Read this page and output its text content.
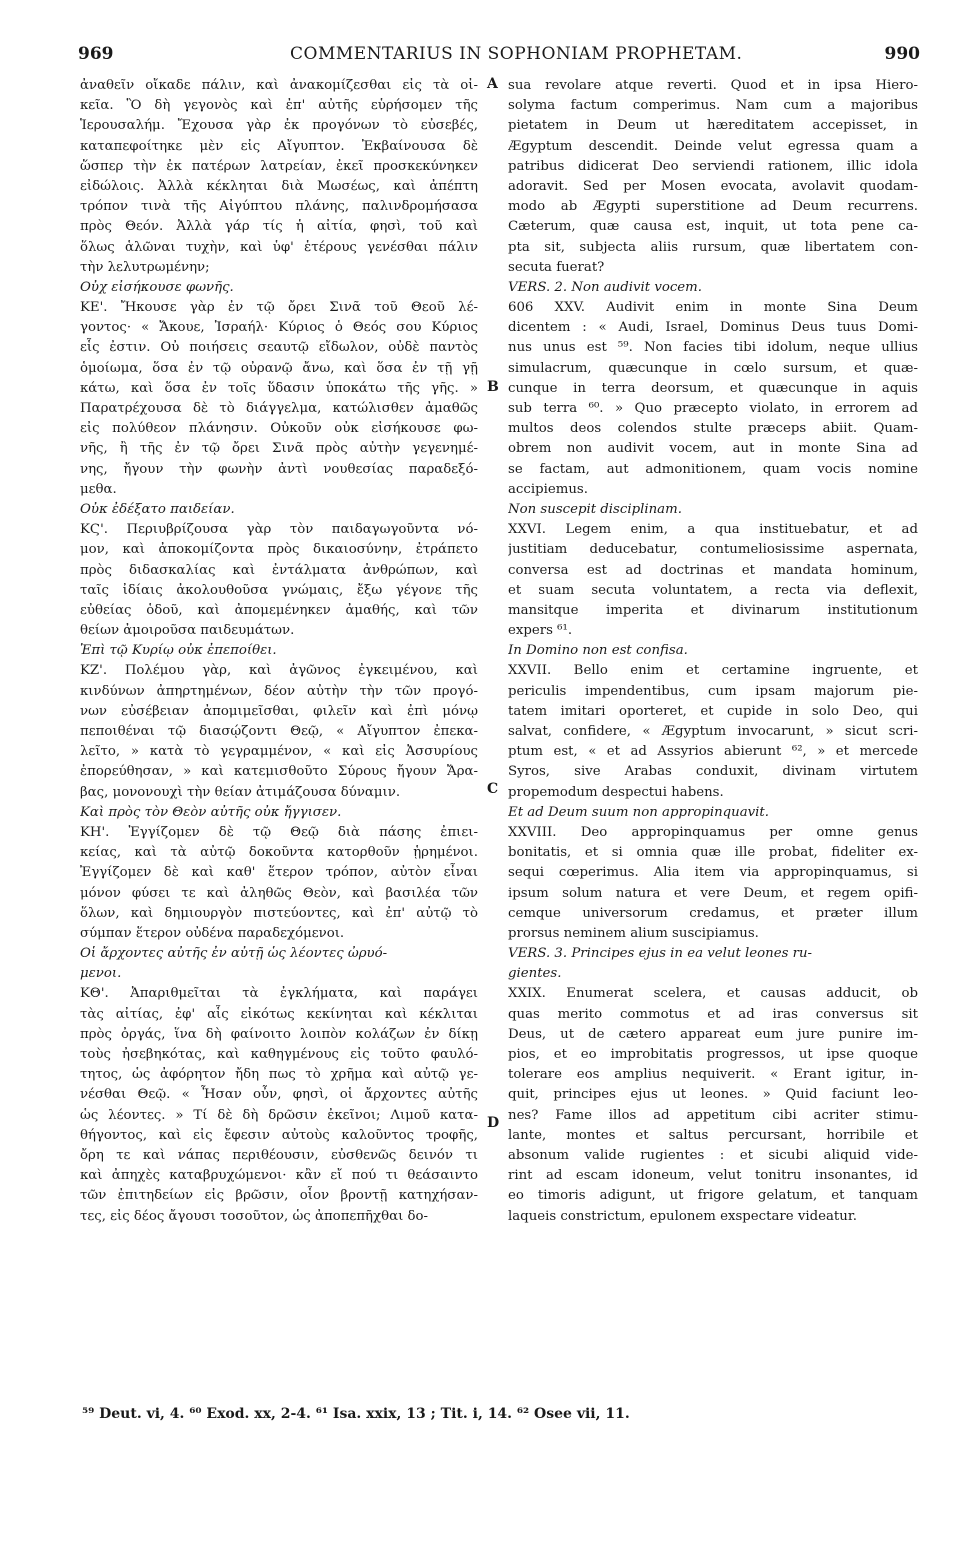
969	COMMENTARIUS IN SOPHONIAM PROPHETAM.	990
ἀναθεῖν οἴκαδε πάλιν, καὶ ἀνακομίζεσθαι εἰς τὰ οἰ-
κεῖα. Ὃ δὴ γεγονὸς καὶ ἐπ' αὐτῆς εὑρήσομεν τῆς
Ἱερουσαλήμ. Ἔχουσα γὰρ ἐκ προγόνων τὸ εὐσεβές,
καταπεφοίτηκε μὲν εἰς Αἴγυπτον. Ἐκβαίνουσα δὲ
ὥσπερ τὴν ἐκ πατέρων λατρείαν, ἐκεῖ προσκεκύνηκεν
εἰδώλοις. Ἀλλὰ κέκληται διὰ Μωσέως, καὶ ἀπέπτη
τρόπον τινὰ τῆς Αἰγύπτου πλάνης, παλινδρομήσασα
πρὸς Θεόν. Ἀλλὰ γάρ τίς ἡ αἰτία, φησὶ, τοῦ καὶ
ὅλως ἁλῶναι τυχὴν, καὶ ὑφ' ἑτέρους γενέσθαι πάλιν
τὴν λελυτρωμένην;
Οὐχ εἰσήκουσε φωνῆς.
ΚΕ'. Ἤκουσε γὰρ ἐν τῷ ὄρει Σινᾶ τοῦ Θεοῦ λέ-
γοντος· « Ἄκουε, Ἰσραήλ· Κύριος ὁ Θεός σου Κύριος
εἷς ἐστιν. Οὐ ποιήσεις σεαυτῷ εἴδωλον, οὐδὲ παντὸς
ὁμοίωμα, ὅσα ἐν τῷ οὐρανῷ ἄνω, καὶ ὅσα ἐν τῇ γῇ
κάτω, καὶ ὅσα ἐν τοῖς ὕδασιν ὑποκάτω τῆς γῆς. »
Παρατρέχουσα δὲ τὸ διάγγελμα, κατώλισθεν ἀμαθῶς
εἰς πολύθεον πλάνησιν. Οὐκοῦν οὐκ εἰσήκουσε φω-
νῆς, ἢ τῆς ἐν τῷ ὄρει Σινᾶ πρὸς αὐτὴν γεγενημέ-
νης, ἤγουν τὴν φωνὴν ἀντὶ νουθεσίας παραδεξό-
μεθα.
Οὐκ ἐδέξατο παιδείαν.
ΚϚ'. Περιυβρίζουσα γὰρ τὸν παιδαγωγοῦντα νό-
μον, καὶ ἀποκομίζοντα πρὸς δικαιοσύνην, ἐτράπετο
πρὸς διδασκαλίας καὶ ἐντάλματα ἀνθρώπων, καὶ
ταῖς ἰδίαις ἀκολουθοῦσα γνώμαις, ἔξω γέγονε τῆς
εὐθείας ὁδοῦ, καὶ ἀπομεμένηκεν ἀμαθής, καὶ τῶν
θείων ἀμοιροῦσα παιδευμάτων.
Ἐπὶ τῷ Κυρίῳ οὐκ ἐπεποίθει.
ΚΖ'. Πολέμου γὰρ, καὶ ἀγῶνος ἐγκειμένου, καὶ
κινδύνων ἀπηρτημένων, δέον αὐτὴν τὴν τῶν προγό-
νων εὐσέβειαν ἀπομιμεῖσθαι, φιλεῖν καὶ ἐπὶ μόνῳ
πεποιθέναι τῷ διασῴζοντι Θεῷ, « Αἴγυπτον ἐπεκα-
λεῖτο, » κατὰ τὸ γεγραμμένον, « καὶ εἰς Ἀσσυρίους
ἐπορεύθησαν, » καὶ κατεμισθοῦτο Σύρους ἤγουν Ἄρα-
βας, μονονουχὶ τὴν θείαν ἀτιμάζουσα δύναμιν.
Καὶ πρὸς τὸν Θεὸν αὐτῆς οὐκ ἤγγισεν.
ΚΗ'. Ἐγγίζομεν δὲ τῷ Θεῷ διὰ πάσης ἐπιει-
κείας, καὶ τὰ αὐτῷ δοκοῦντα κατορθοῦν ᾑρημένοι.
Ἐγγίζομεν δὲ καὶ καθ' ἕτερον τρόπον, αὐτὸν εἶναι
μόνον φύσει τε καὶ ἀληθῶς Θεὸν, καὶ βασιλέα τῶν
ὅλων, καὶ δημιουργὸν πιστεύοντες, καὶ ἐπ' αὐτῷ τὸ
σύμπαν ἕτερον οὐδένα παραδεχόμενοι.
Οἱ ἄρχοντες αὐτῆς ἐν αὐτῇ ὡς λέοντες ὠρυό-
μενοι.
ΚΘ'. Ἀπαριθμεῖται τὰ ἐγκλήματα, καὶ παράγει
τὰς αἰτίας, ἐφ' αἷς εἰκότως κεκίνηται καὶ κέκλιται
πρὸς ὀργάς, ἵνα δὴ φαίνοιτο λοιπὸν κολάζων ἐν δίκῃ
τοὺς ἠσεβηκότας, καὶ καθηγμένους εἰς τοῦτο φαυλό-
τητος, ὡς ἀφόρητον ἤδη πως τὸ χρῆμα καὶ αὐτῷ γε-
νέσθαι Θεῷ. « Ἦσαν οὖν, φησὶ, οἱ ἄρχοντες αὐτῆς
ὡς λέοντες. » Τί δὲ δὴ δρῶσιν ἐκεῖνοι; Λιμοῦ κατα-
θήγοντος, καὶ εἰς ἔφεσιν αὐτοὺς καλοῦντος τροφῆς,
ὄρη τε καὶ νάπας περιθέουσιν, εὐσθενῶς δεινόν τι
καὶ ἀπηχὲς καταβρυχώμενοι· κἂν εἴ πού τι θεάσαιντο
τῶν ἐπιτηδείων εἰς βρῶσιν, οἷον βροντῇ κατηχήσαν-
τες, εἰς δέος ἄγουσι τοσοῦτον, ὡς ἀποπεπῆχθαι δο-
sua revolare atque reverti. Quod et in ipsa Hiero-
solyma factum comperimus. Nam cum a majoribus
pietatem in Deum ut hæreditatem accepisset, in
Ægyptum descendit. Deinde velut egressa quam a
patribus didicerat Deo serviendi rationem, illic idola
adoravit. Sed per Mosen evocata, avolavit quodam-
modo ab Ægypti superstitione ad Deum recurrens.
Cæterum, quæ causa est, inquit, ut tota pene ca-
pta sit, subjecta aliis rursum, quæ libertatem con-
secuta fuerat?
VERS. 2. Non audivit vocem.
606 XXV. Audivit enim in monte Sina Deum
dicentem : « Audi, Israel, Dominus Deus tuus Domi-
nus unus est ⁵⁹. Non facies tibi idolum, neque ullius
simulacrum, quæcunque in cœlo sursum, et quæ-
cunque in terra deorsum, et quæcunque in aquis
sub terra ⁶⁰. » Quo præcepto violato, in errorem ad
multos deos colendos stulte præceps abiit. Quam-
obrem non audivit vocem, aut in monte Sina ad
se factam, aut admonitionem, quam vocis nomine
accipiemus.
Non suscepit disciplinam.
XXVI. Legem enim, a qua instituebatur, et ad
justitiam deducebatur, contumeliosissime aspernata,
conversa est ad doctrinas et mandata hominum,
et suam secuta voluntatem, a recta via deflexit,
mansitque imperita et divinarum institutionum
expers ⁶¹.
In Domino non est confisa.
XXVII. Bello enim et certamine ingruente, et
periculis impendentibus, cum ipsam majorum pie-
tatem imitari oporteret, et cupide in solo Deo, qui
salvat, confidere, « Ægyptum invocarunt, » sicut scri-
ptum est, « et ad Assyrios abierunt ⁶², » et mercede
Syros, sive Arabas conduxit, divinam virtutem
propemodum despectui habens.
Et ad Deum suum non appropinquavit.
XXVIII. Deo appropinquamus per omne genus
bonitatis, et si omnia quæ ille probat, fideliter ex-
sequi cœperimus. Alia item via appropinquamus, si
ipsum solum natura et vere Deum, et regem opifi-
cemque universorum credamus, et præter illum
prorsus neminem alium suscipiamus.
VERS. 3. Principes ejus in ea velut leones ru-
gientes.
XXIX. Enumerat scelera, et causas adducit, ob
quas merito commotus et ad iras conversus sit
Deus, ut de cætero appareat eum jure punire im-
pios, et eo improbitatis progressos, ut ipse quoque
tolerare eos amplius nequiverit. « Erant igitur, in-
quit, principes ejus ut leones. » Quid faciunt leo-
nes? Fame illos ad appetitum cibi acriter stimu-
lante, montes et saltus percursant, horribile et
absonum valide rugientes : et sicubi aliquid vide-
rint ad escam idoneum, velut tonitru insonantes, id
eo timoris adigunt, ut frigore gelatum, et tanquam
laqueis constrictum, epulonem exspectare videatur.
A
B
C
D
⁵⁹ Deut. vi, 4. ⁶⁰ Exod. xx, 2-4. ⁶¹ Isa. xxix, 13 ; Tit. i, 14. ⁶² Osee vii, 11.
